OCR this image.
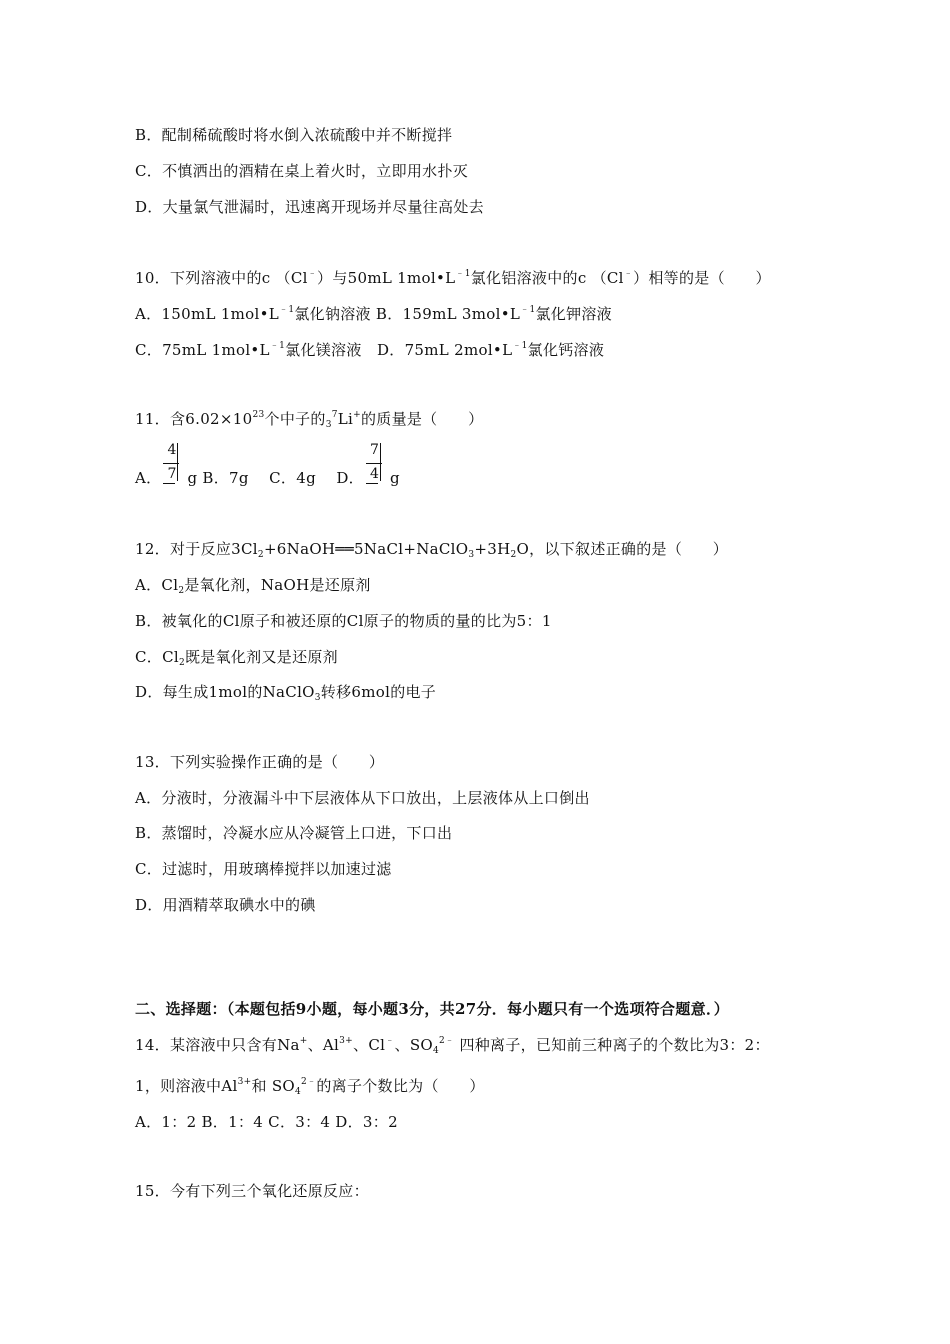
B．配制稀硫酸时将水倒入浓硫酸中并不断搅拌
C．不慎洒出的酒精在桌上着火时，立即用水扑灭
D．大量氯气泄漏时，迅速离开现场并尽量往高处去
10．下列溶液中的c （Cl﹣）与50mL $1mol•L^{﹣1}$氯化铝溶液中的c （Cl﹣）相等的是（　　）
A．150mL $1mol•L^{﹣1}$氯化钠溶液 B．159mL $3mol•L^{﹣1}$氯化钾溶液
C．75mL $1mol•L^{﹣1}$氯化镁溶液　D．75mL $2mol•L^{﹣1}$氯化钙溶液
11．含$6.02\times 10^{23}$个中子的$_3^7$Li+的质量是（　　）
A． $\frac{4}{7}$ g B．7g　 C．4g　 D． $\frac{7}{4}$ g
12．对于反应$3Cl_2+6NaOH══5NaCl+NaClO_3+3H_2O$，以下叙述正确的是（　　）
A．$Cl_2$是氧化剂，NaOH是还原剂
B．被氧化的Cl原子和被还原的Cl原子的物质的量的比为5：1
C．$Cl_2$既是氧化剂又是还原剂
D．每生成1mol的NaClO$_3$转移6mol的电子
13．下列实验操作正确的是（　　）
A．分液时，分液漏斗中下层液体从下口放出，上层液体从上口倒出
B．蒸馏时，冷凝水应从冷凝管上口进，下口出
C．过滤时，用玻璃棒搅拌以加速过滤
D．用酒精萃取碘水中的碘
二、选择题：（本题包括9小题，每小题3分，共27分．每小题只有一个选项符合题意．）
14．某溶液中只含有Na+、$Al^{3+}$、Cl﹣、$SO_4^{2﹣}$ 四种离子，已知前三种离子的个数比为3：2：
1，则溶液中$Al^{3+}$和 $SO_4^{2﹣}$的离子个数比为（　　）
A．1：2 B．1：4 C．3：4 D．3：2
15．今有下列三个氧化还原反应：
